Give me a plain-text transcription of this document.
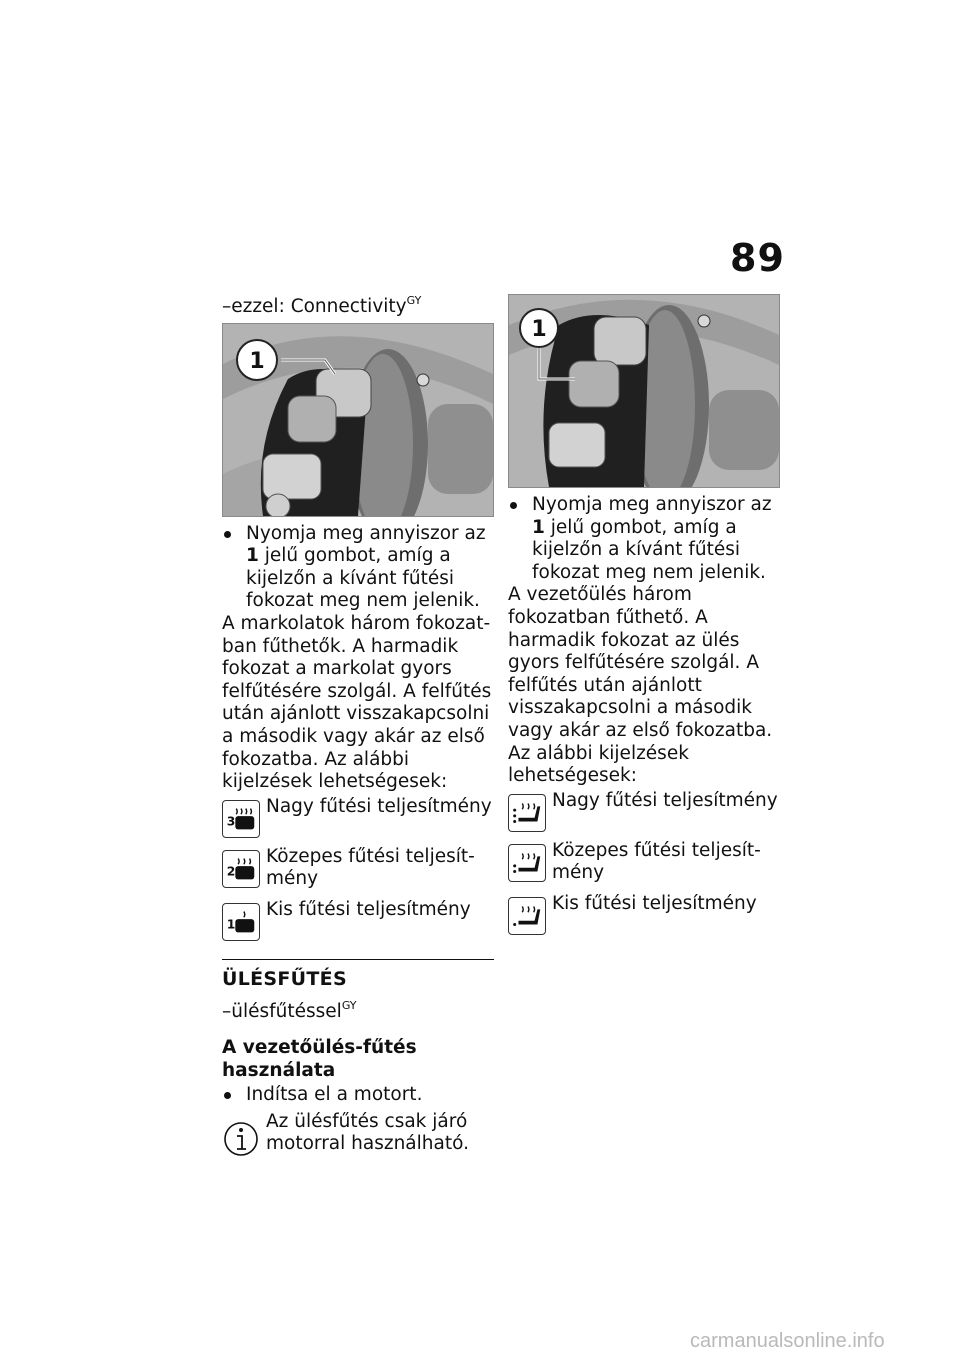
89

–ezzel: Connectivity$^{GY}$

1
Nyomja meg annyiszor az 1 jelű gombot, amíg a kijelzőn a kívánt fűtési fokozat meg nem jelenik.

A markolatok három fokozatban fűthetők. A harmadik fokozat a markolat gyors felfűtésére szolgál. A felfűtés után ajánlott visszakapcsolni a második vagy akár az első fokozatba. Az alábbi kijelzések lehetségesek:

3
Nagy fűtési teljesítmény
2
Közepes fűtési teljesítmény
1
Kis fűtési teljesítmény
ÜLÉSFŰTÉS

–ülésfűtéssel$^{GY}$

A vezetőülés-fűtés használata
Indítsa el a motort.
Az ülésfűtés csak járó motorral használható.
1
Nyomja meg annyiszor az 1 jelű gombot, amíg a kijelzőn a kívánt fűtési fokozat meg nem jelenik.

A vezetőülés három fokozatban fűthető. A harmadik fokozat az ülés gyors felfűtésére szolgál. A felfűtés után ajánlott visszakapcsolni a második vagy akár az első fokozatba. Az alábbi kijelzések lehetségesek:

Nagy fűtési teljesítmény
Közepes fűtési teljesítmény
Kis fűtési teljesítmény
carmanualsonline.info
